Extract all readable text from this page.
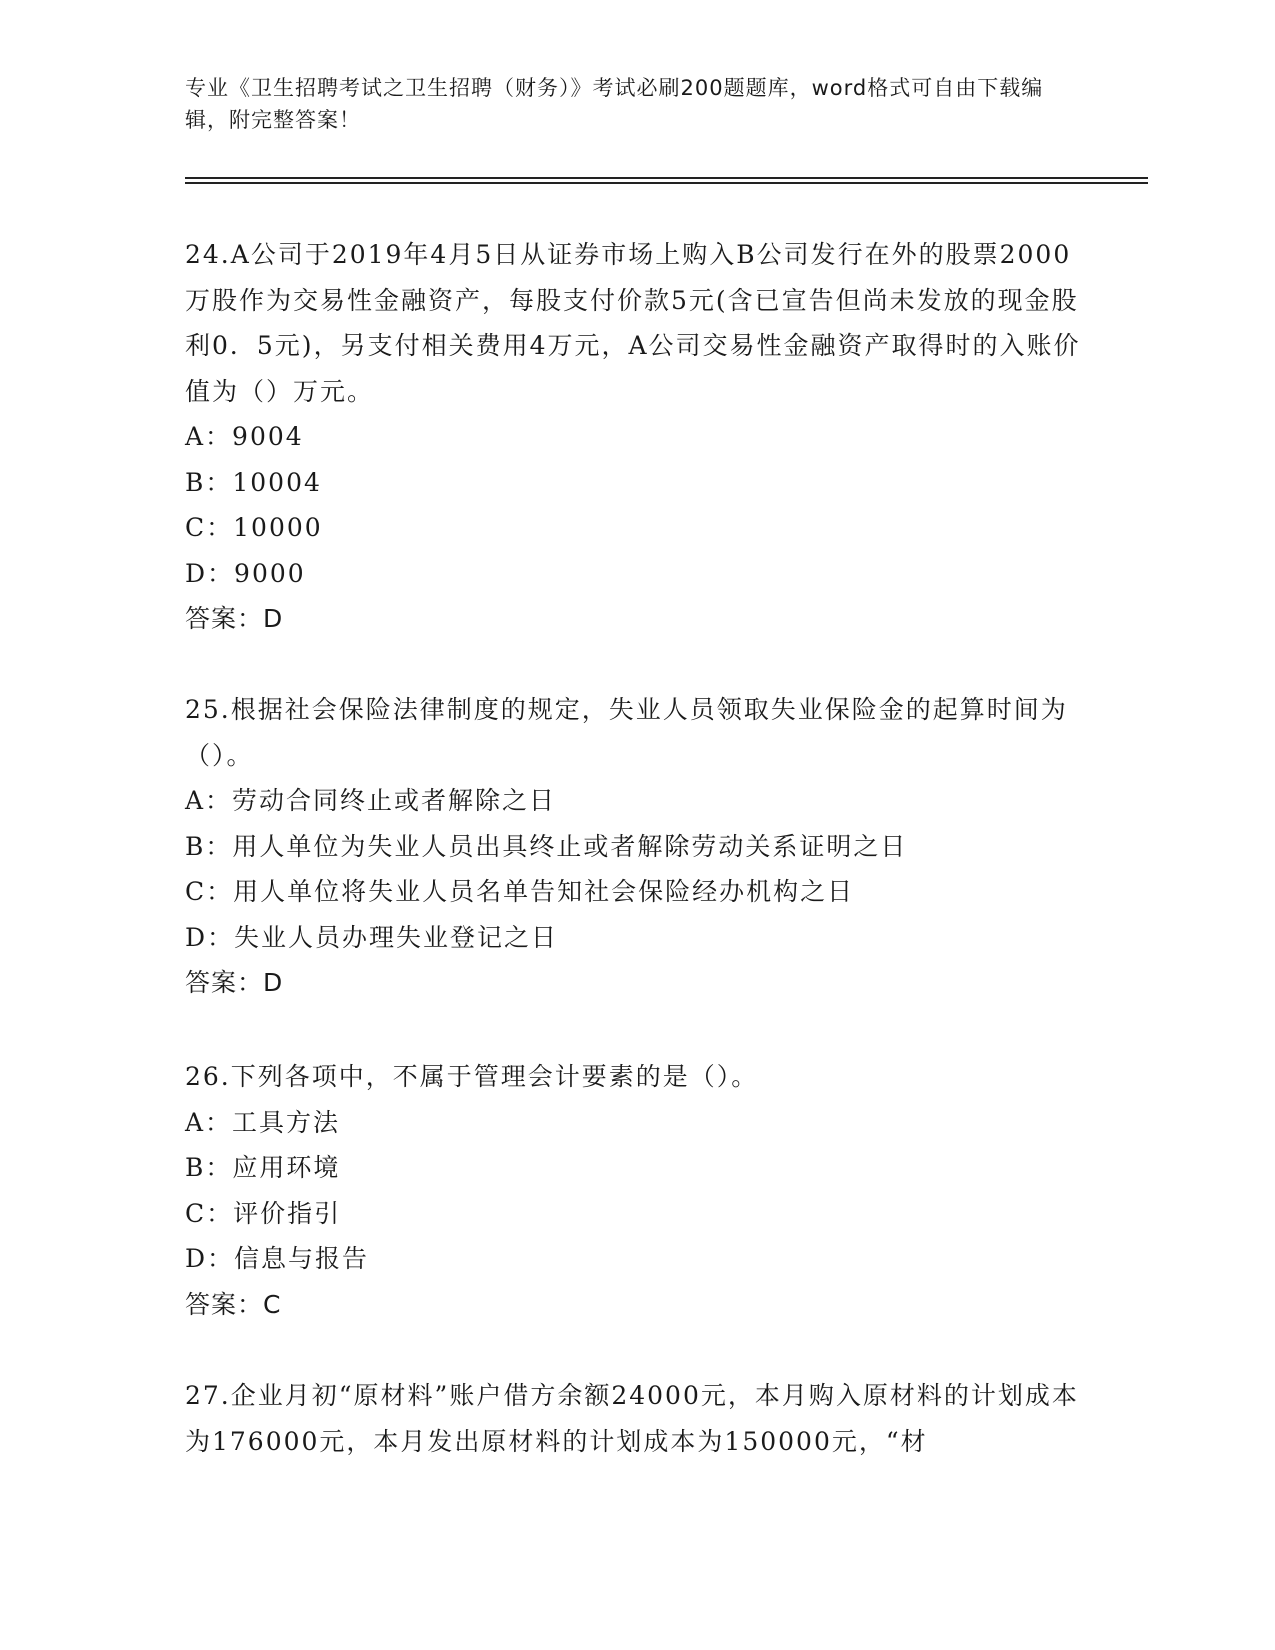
专业《卫生招聘考试之卫生招聘（财务）》考试必刷200题题库，word格式可自由下载编辑，附完整答案！
24.A公司于2019年4月5日从证券市场上购入B公司发行在外的股票2000万股作为交易性金融资产，每股支付价款5元(含已宣告但尚未发放的现金股利0．5元)，另支付相关费用4万元，A公司交易性金融资产取得时的入账价值为（）万元。
A：9004
B：10004
C：10000
D：9000
答案：D
25.根据社会保险法律制度的规定，失业人员领取失业保险金的起算时间为（）。
A：劳动合同终止或者解除之日
B：用人单位为失业人员出具终止或者解除劳动关系证明之日
C：用人单位将失业人员名单告知社会保险经办机构之日
D：失业人员办理失业登记之日
答案：D
26.下列各项中，不属于管理会计要素的是（）。
A：工具方法
B：应用环境
C：评价指引
D：信息与报告
答案：C
27.企业月初“原材料”账户借方余额24000元，本月购入原材料的计划成本为176000元，本月发出原材料的计划成本为150000元，“材
